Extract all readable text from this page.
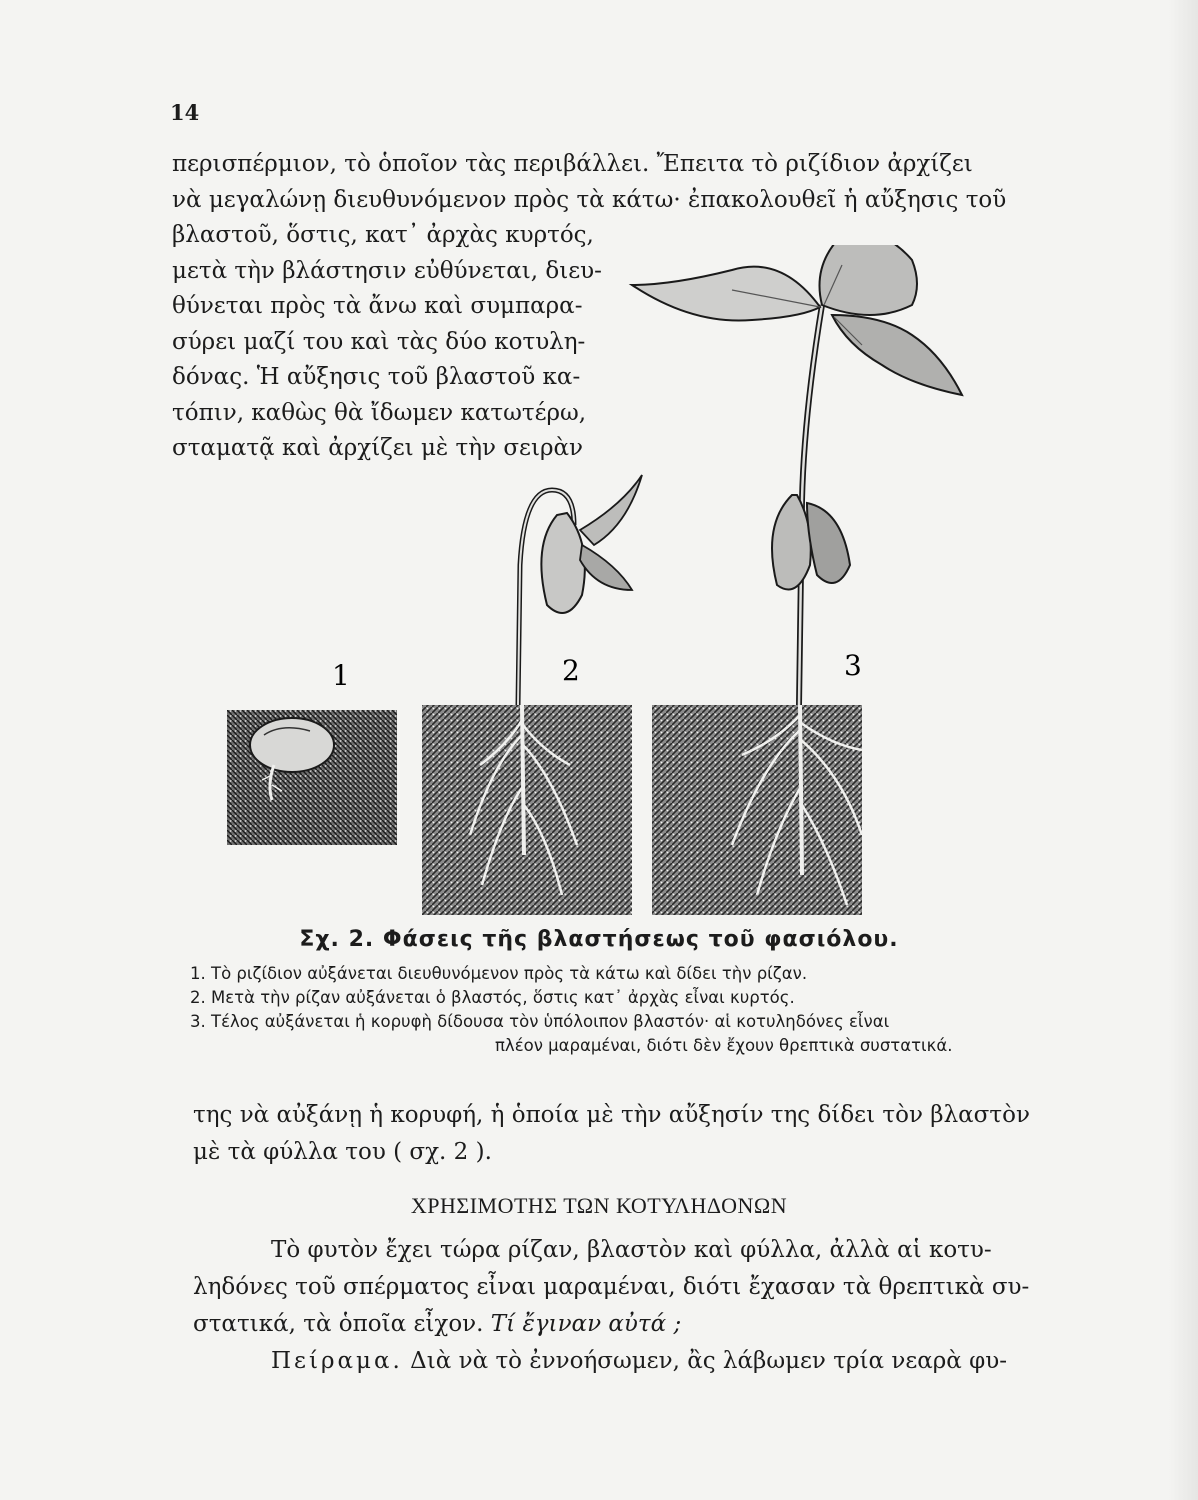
14

περισπέρμιον, τὸ ὁποῖον τὰς περιβάλλει. Ἔπειτα τὸ ριζίδιον ἀρχίζει

νὰ μεγαλώνῃ διευθυνόμενον πρὸς τὰ κάτω· ἐπακολουθεῖ ἡ αὔξησις τοῦ

βλαστοῦ, ὅστις, κατ᾽ ἀρχὰς κυρτός,

μετὰ τὴν βλάστησιν εὐθύνεται, διευ-

θύνεται πρὸς τὰ ἄνω καὶ συμπαρα-

σύρει μαζί του καὶ τὰς δύο κοτυλη-

δόνας. Ἡ αὔξησις τοῦ βλαστοῦ κα-

τόπιν, καθὼς θὰ ἴδωμεν κατωτέρω,

σταματᾷ καὶ ἀρχίζει μὲ τὴν σειρὰν

1	2	3
Σχ. 2. Φάσεις τῆς βλαστήσεως τοῦ φασιόλου.
1. Τὸ ριζίδιον αὐξάνεται διευθυνόμενον πρὸς τὰ κάτω καὶ δίδει τὴν ρίζαν.
2. Μετὰ τὴν ρίζαν αὐξάνεται ὁ βλαστός, ὅστις κατ᾽ ἀρχὰς εἶναι κυρτός.
3. Τέλος αὐξάνεται ἡ κορυφὴ δίδουσα τὸν ὑπόλοιπον βλαστόν· αἱ κοτυληδόνες εἶναι
πλέον μαραμέναι, διότι δὲν ἔχουν θρεπτικὰ συστατικά.

της νὰ αὐξάνῃ ἡ κορυφή, ἡ ὁποία μὲ τὴν αὔξησίν της δίδει τὸν βλαστὸν

μὲ τὰ φύλλα του ( σχ. 2 ).

ΧΡΗΣΙΜΟΤΗΣ ΤΩΝ ΚΟΤΥΛΗΔΟΝΩΝ

Τὸ φυτὸν ἔχει τώρα ρίζαν, βλαστὸν καὶ φύλλα, ἀλλὰ αἱ κοτυ-

ληδόνες τοῦ σπέρματος εἶναι μαραμέναι, διότι ἔχασαν τὰ θρεπτικὰ συ-

στατικά, τὰ ὁποῖα εἶχον. Τί ἔγιναν αὐτά ;

Πείραμα. Διὰ νὰ τὸ ἐννοήσωμεν, ἂς λάβωμεν τρία νεαρὰ φυ-
